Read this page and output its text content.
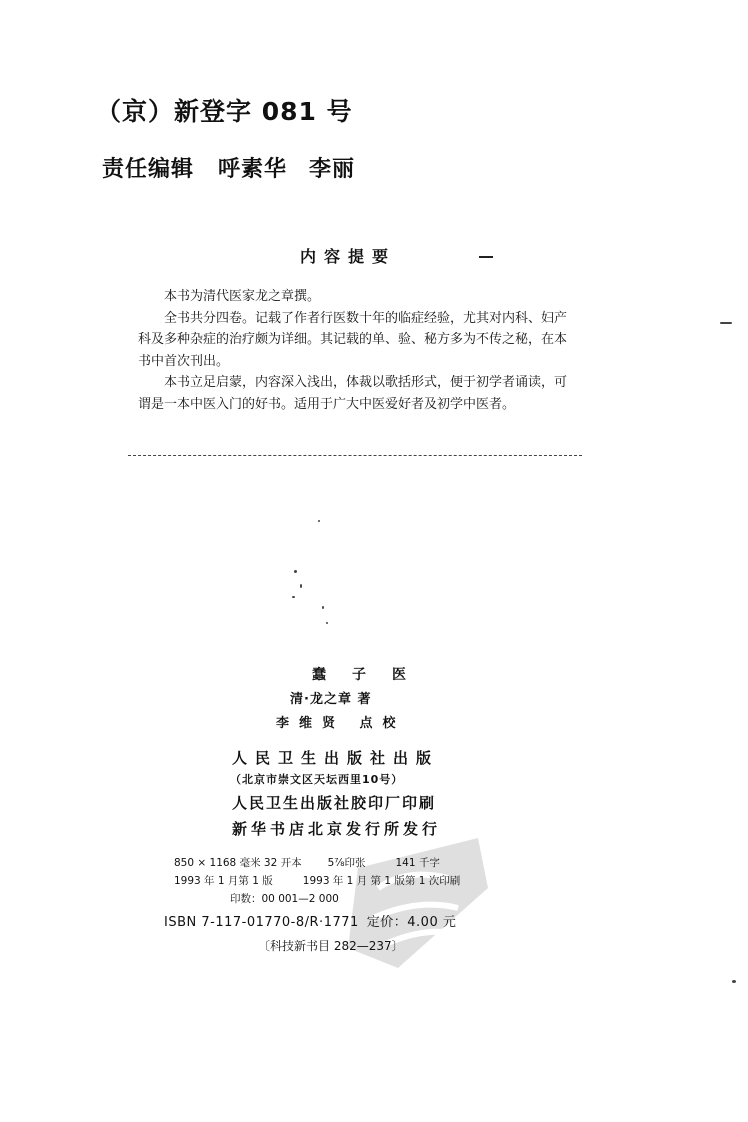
（京）新登字 081 号
责任编辑 呼素华 李丽
内容提要

本书为清代医家龙之章撰。

全书共分四卷。记载了作者行医数十年的临症经验，尤其对内科、妇产科及多种杂症的治疗颇为详细。其记载的单、验、秘方多为不传之秘，在本书中首次刊出。

本书立足启蒙，内容深入浅出，体裁以歌括形式，便于初学者诵读，可谓是一本中医入门的好书。适用于广大中医爱好者及初学中医者。

蠢子医
清·龙之章 著
李维贤 点校
人民卫生出版社出版
（北京市崇文区天坛西里10号）
人民卫生出版社胶印厂印刷
新华书店北京发行所发行
850 × 1168 毫米 32 开本 5⅞印张	141 千字
1993 年 1 月第 1 版	1993 年 1 月 第 1 版第 1 次印刷
印数：00 001—2 000
ISBN 7-117-01770-8/R·1771 定价：4.00 元
〔科技新书目 282—237〕
